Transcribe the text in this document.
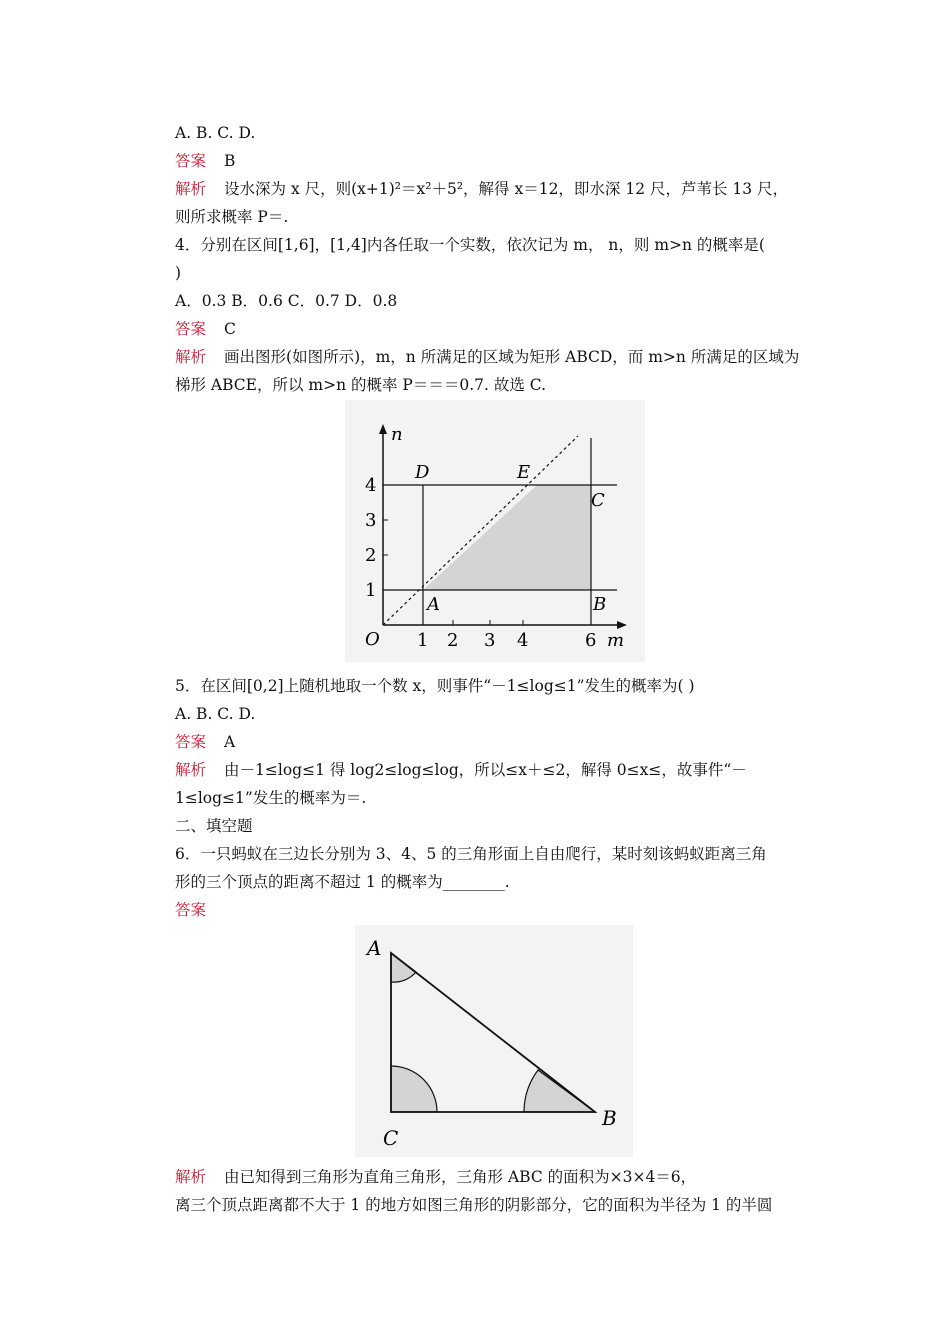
A. B. C. D.
答案 B
解析 设水深为 x 尺，则(x+1)²＝x²＋5²，解得 x＝12，即水深 12 尺，芦苇长 13 尺，
则所求概率 P＝.
4．分别在区间[1,6]，[1,4]内各任取一个实数，依次记为 m， n，则 m>n 的概率是(
)
A．0.3 B．0.6 C．0.7 D．0.8
答案 C
解析 画出图形(如图所示)，m，n 所满足的区域为矩形 ABCD，而 m>n 所满足的区域为
梯形 ABCE，所以 m>n 的概率 P＝＝＝0.7. 故选 C.
n
m
O 1 2 3 4	6
1
2
3
4
D	E
C
A	B
5．在区间[0,2]上随机地取一个数 x，则事件“－1≤log≤1”发生的概率为( )
A. B. C. D.
答案 A
解析 由－1≤log≤1 得 log2≤log≤log，所以≤x＋≤2，解得 0≤x≤，故事件“－
1≤log≤1”发生的概率为＝.
二、填空题
6．一只蚂蚁在三边长分别为 3、4、5 的三角形面上自由爬行，某时刻该蚂蚁距离三角
形的三个顶点的距离不超过 1 的概率为________.
答案
A
C
B
解析 由已知得到三角形为直角三角形，三角形 ABC 的面积为×3×4＝6，
离三个顶点距离都不大于 1 的地方如图三角形的阴影部分，它的面积为半径为 1 的半圆
